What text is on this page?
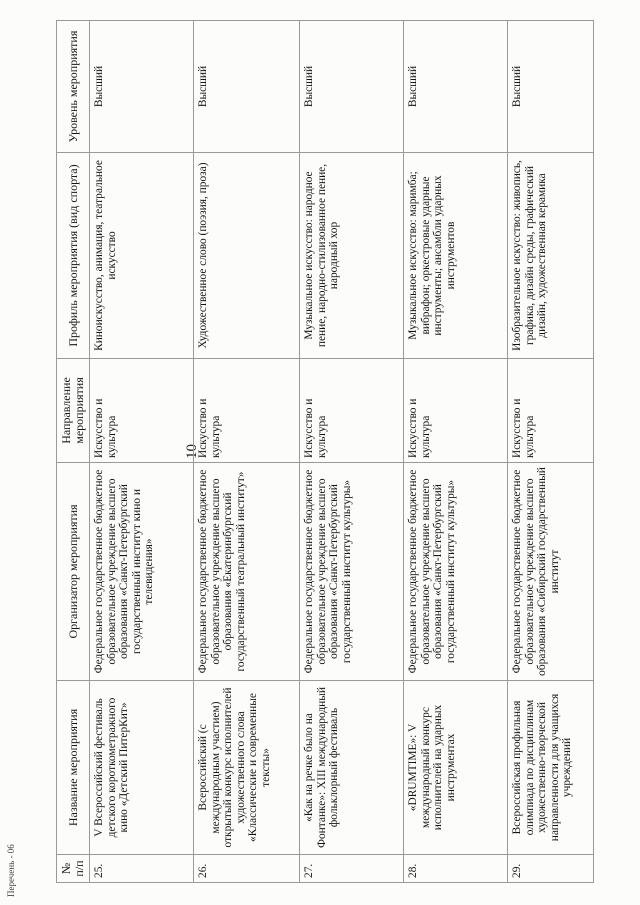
10
№ п/п	Название мероприятия	Организатор мероприятия	Направление мероприятия	Профиль мероприятия (вид спорта)	Уровень мероприятия
25.	V Всероссийский фестиваль детского короткометражного кино «Детский ПитерКит»	Федеральное государственное бюджетное образовательное учреждение высшего образования «Санкт-Петербургский государственный институт кино и телевидения»	Искусство и культура	Киноискусство, анимация, театральное искусство	Высший
26.	Всероссийский (с международным участием) открытый конкурс исполнителей художественного слова «Классические и современные тексты»	Федеральное государственное бюджетное образовательное учреждение высшего образования «Екатеринбургский государственный театральный институт»	Искусство и культура	Художественное слово (поэзия, проза)	Высший
27.	«Как на речке было на Фонтанке»: XIII международный фольклорный фестиваль	Федеральное государственное бюджетное образовательное учреждение высшего образования «Санкт-Петербургский государственный институт культуры»	Искусство и культура	Музыкальное искусство: народное пение, народно-стилизованное пение, народный хор	Высший
28.	«DRUMTIME»: V международный конкурс исполнителей на ударных инструментах	Федеральное государственное бюджетное образовательное учреждение высшего образования «Санкт-Петербургский государственный институт культуры»	Искусство и культура	Музыкальное искусство: маримба; вибрафон; оркестровые ударные инструменты; ансамбли ударных инструментов	Высший
29.	Всероссийская профильная олимпиада по дисциплинам художественно-творческой направленности для учащихся учреждений	Федеральное государственное бюджетное образовательное учреждение высшего образования «Сибирский государственный институт	Искусство и культура	Изобразительное искусство: живопись, графика, дизайн среды, графический дизайн, художественная керамика	Высший
Перечень - 06
